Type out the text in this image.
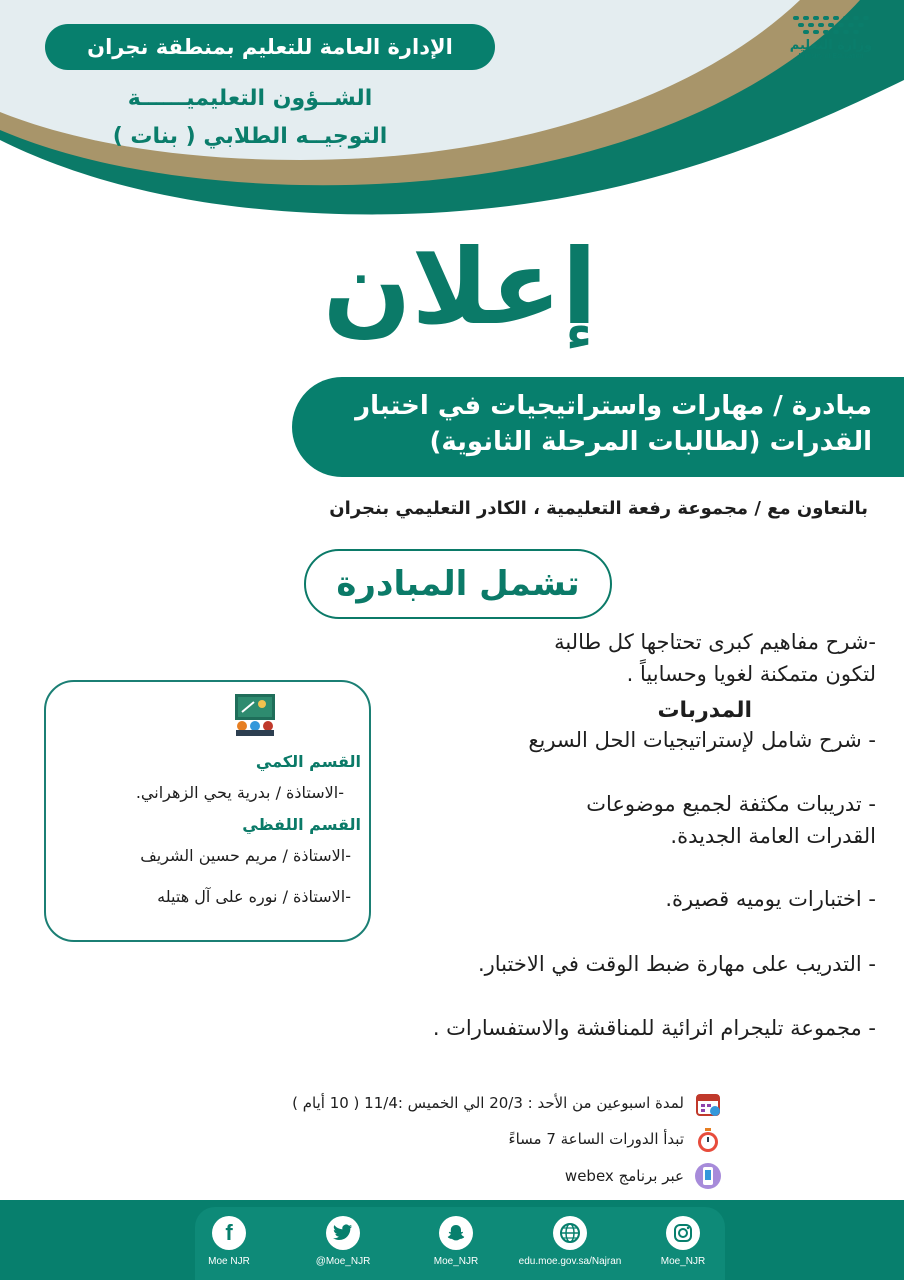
الإدارة العامة للتعليم بمنطقة نجران
الشــؤون التعليميــــــة
التوجيــه الطلابي ( بنات )
وزارة التعليم
Ministry of Education
إعلان
مبادرة / مهارات واستراتيجيات في اختبار
القدرات (لطالبات المرحلة الثانوية)
بالتعاون مع / مجموعة رفعة التعليمية ، الكادر التعليمي بنجران
تشمل المبادرة
-شرح مفاهيم كبرى تحتاجها كل طالبة
لتكون متمكنة لغويا وحسابياً .
- شرح شامل لإستراتيجيات الحل السريع
- تدريبات مكثفة لجميع موضوعات
القدرات العامة الجديدة.
- اختبارات يوميه قصيرة.
- التدريب على مهارة ضبط الوقت في الاختبار.
- مجموعة تليجرام اثرائية للمناقشة والاستفسارات .
المدربات
القسم الكمي
-الاستاذة / بدرية يحي الزهراني.
القسم اللفظي
-الاستاذة / مريم حسين الشريف
-الاستاذة / نوره على آل هتيله
لمدة اسبوعين من الأحد : 20/3 الي الخميس :11/4 ( 10 أيام )
تبدأ الدورات الساعة 7 مساءً
عبر برنامج webex
f
Moe NJR	@Moe_NJR	Moe_NJR	edu.moe.gov.sa/Najran	Moe_NJR
